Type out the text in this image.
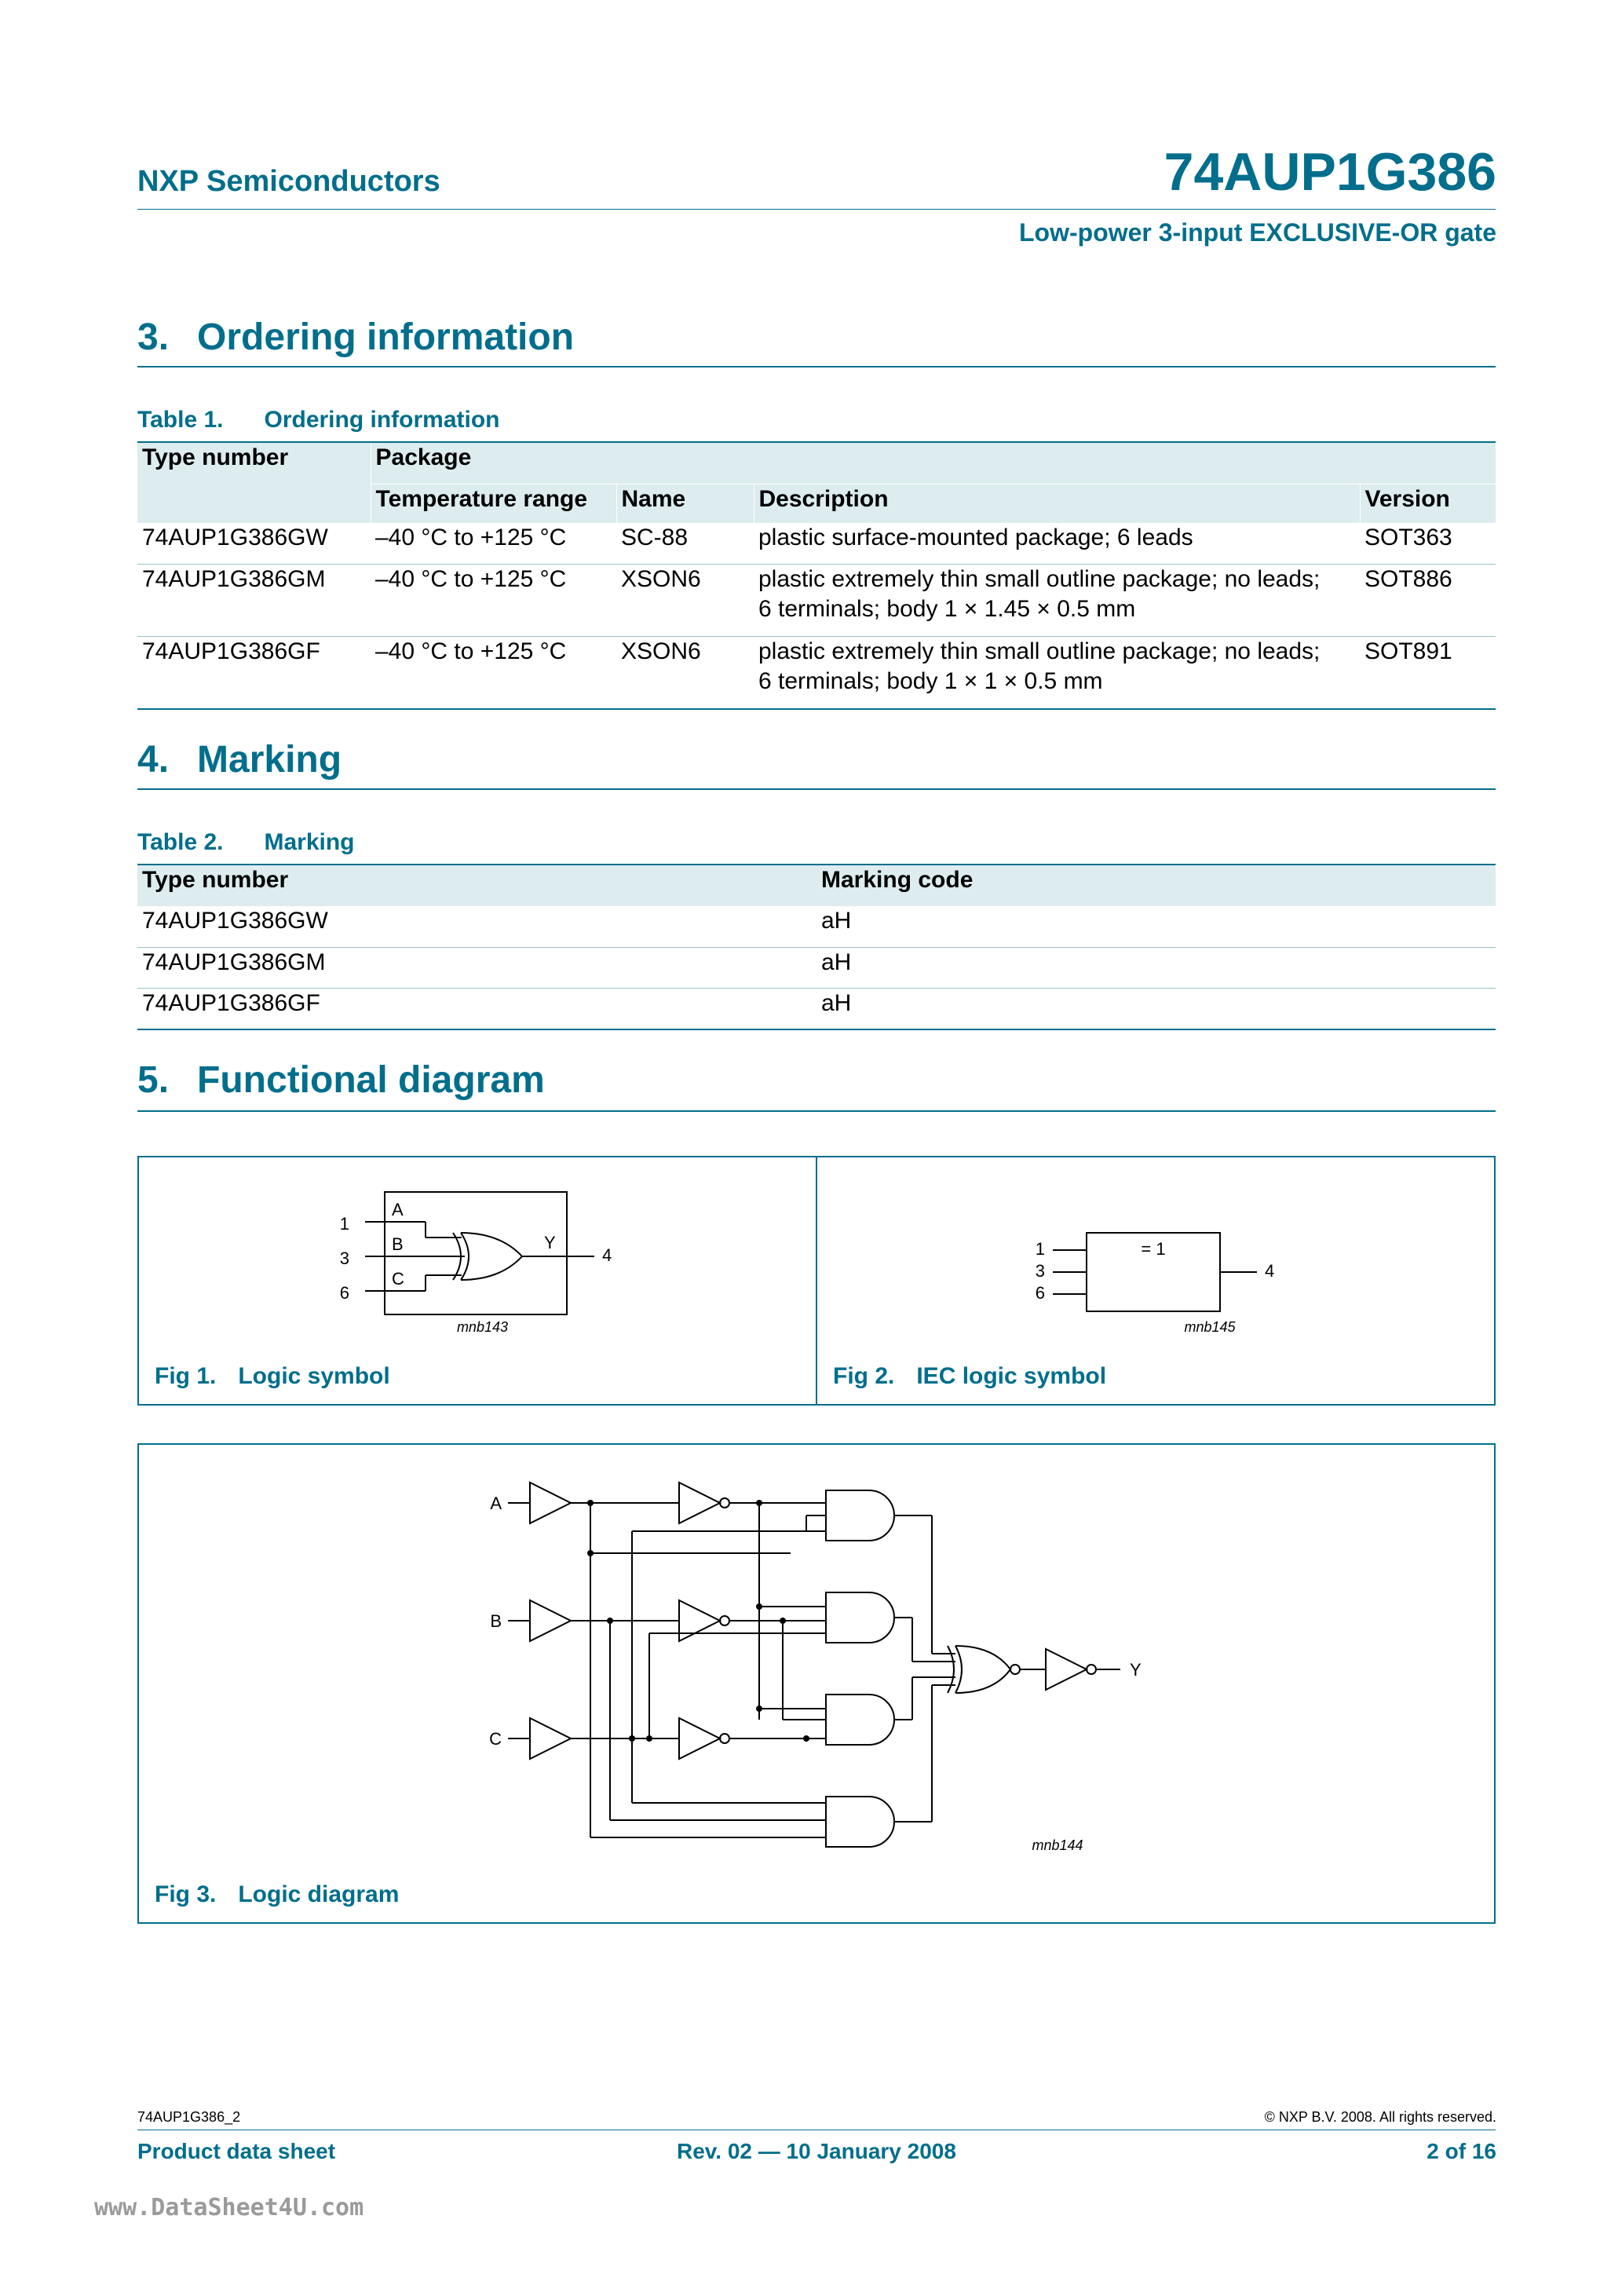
NXP Semiconductors	74AUP1G386
Low-power 3-input EXCLUSIVE-OR gate
3. Ordering information
Table 1. Ordering information
Type number	Package			
	Temperature range	Name	Description	Version
74AUP1G386GW	–40 °C to +125 °C	SC-88	plastic surface-mounted package; 6 leads	SOT363
74AUP1G386GM	–40 °C to +125 °C	XSON6	plastic extremely thin small outline package; no leads;
6 terminals; body 1 × 1.45 × 0.5 mm	SOT886
74AUP1G386GF	–40 °C to +125 °C	XSON6	plastic extremely thin small outline package; no leads;
6 terminals; body 1 × 1 × 0.5 mm	SOT891
4. Marking
Table 2. Marking
Type number	Marking code
74AUP1G386GW	aH
74AUP1G386GM	aH
74AUP1G386GF	aH
5. Functional diagram
1
3
6
4
A
B
C
Y
mnb143
Fig 1. Logic symbol
1
3
6
4
= 1
mnb145
Fig 2. IEC logic symbol
A
B
C
Y
mnb144
Fig 3. Logic diagram
74AUP1G386_2	© NXP B.V. 2008. All rights reserved.
Product data sheet	Rev. 02 — 10 January 2008	2 of 16
www.DataSheet4U.com
